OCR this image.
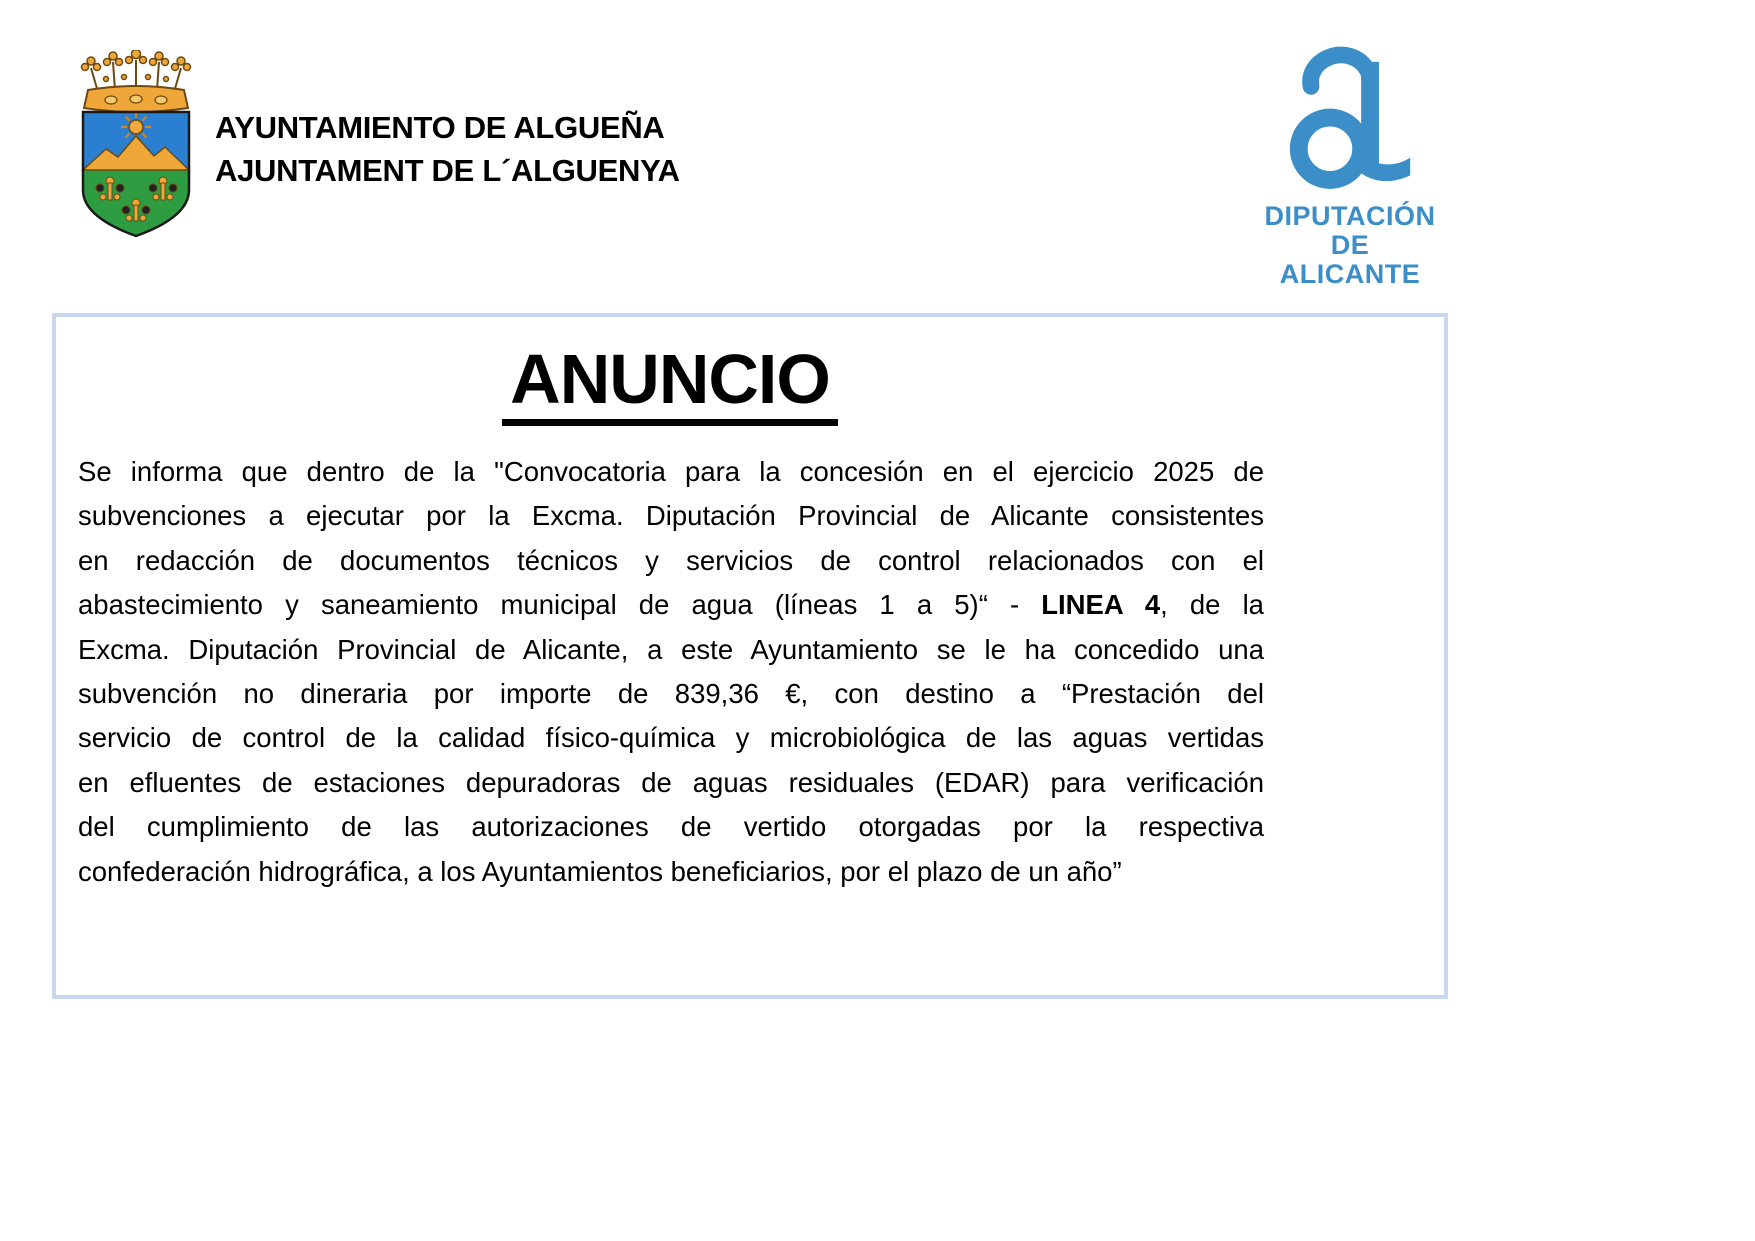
AYUNTAMIENTO DE ALGUEÑA
AJUNTAMENT DE L´ALGUENYA
DIPUTACIÓN
DE ALICANTE
ANUNCIO
Se informa que dentro de la "Convocatoria para la concesión en el ejercicio 2025 de
subvenciones a ejecutar por la Excma. Diputación Provincial de Alicante consistentes
en redacción de documentos técnicos y servicios de control relacionados con el
abastecimiento y saneamiento municipal de agua (líneas 1 a 5)“ - LINEA 4, de la
Excma. Diputación Provincial de Alicante, a este Ayuntamiento se le ha concedido una
subvención no dineraria por importe de 839,36 €, con destino a “Prestación del
servicio de control de la calidad físico-química y microbiológica de las aguas vertidas
en efluentes de estaciones depuradoras de aguas residuales (EDAR) para verificación
del cumplimiento de las autorizaciones de vertido otorgadas por la respectiva
confederación hidrográfica, a los Ayuntamientos beneficiarios, por el plazo de un año”
